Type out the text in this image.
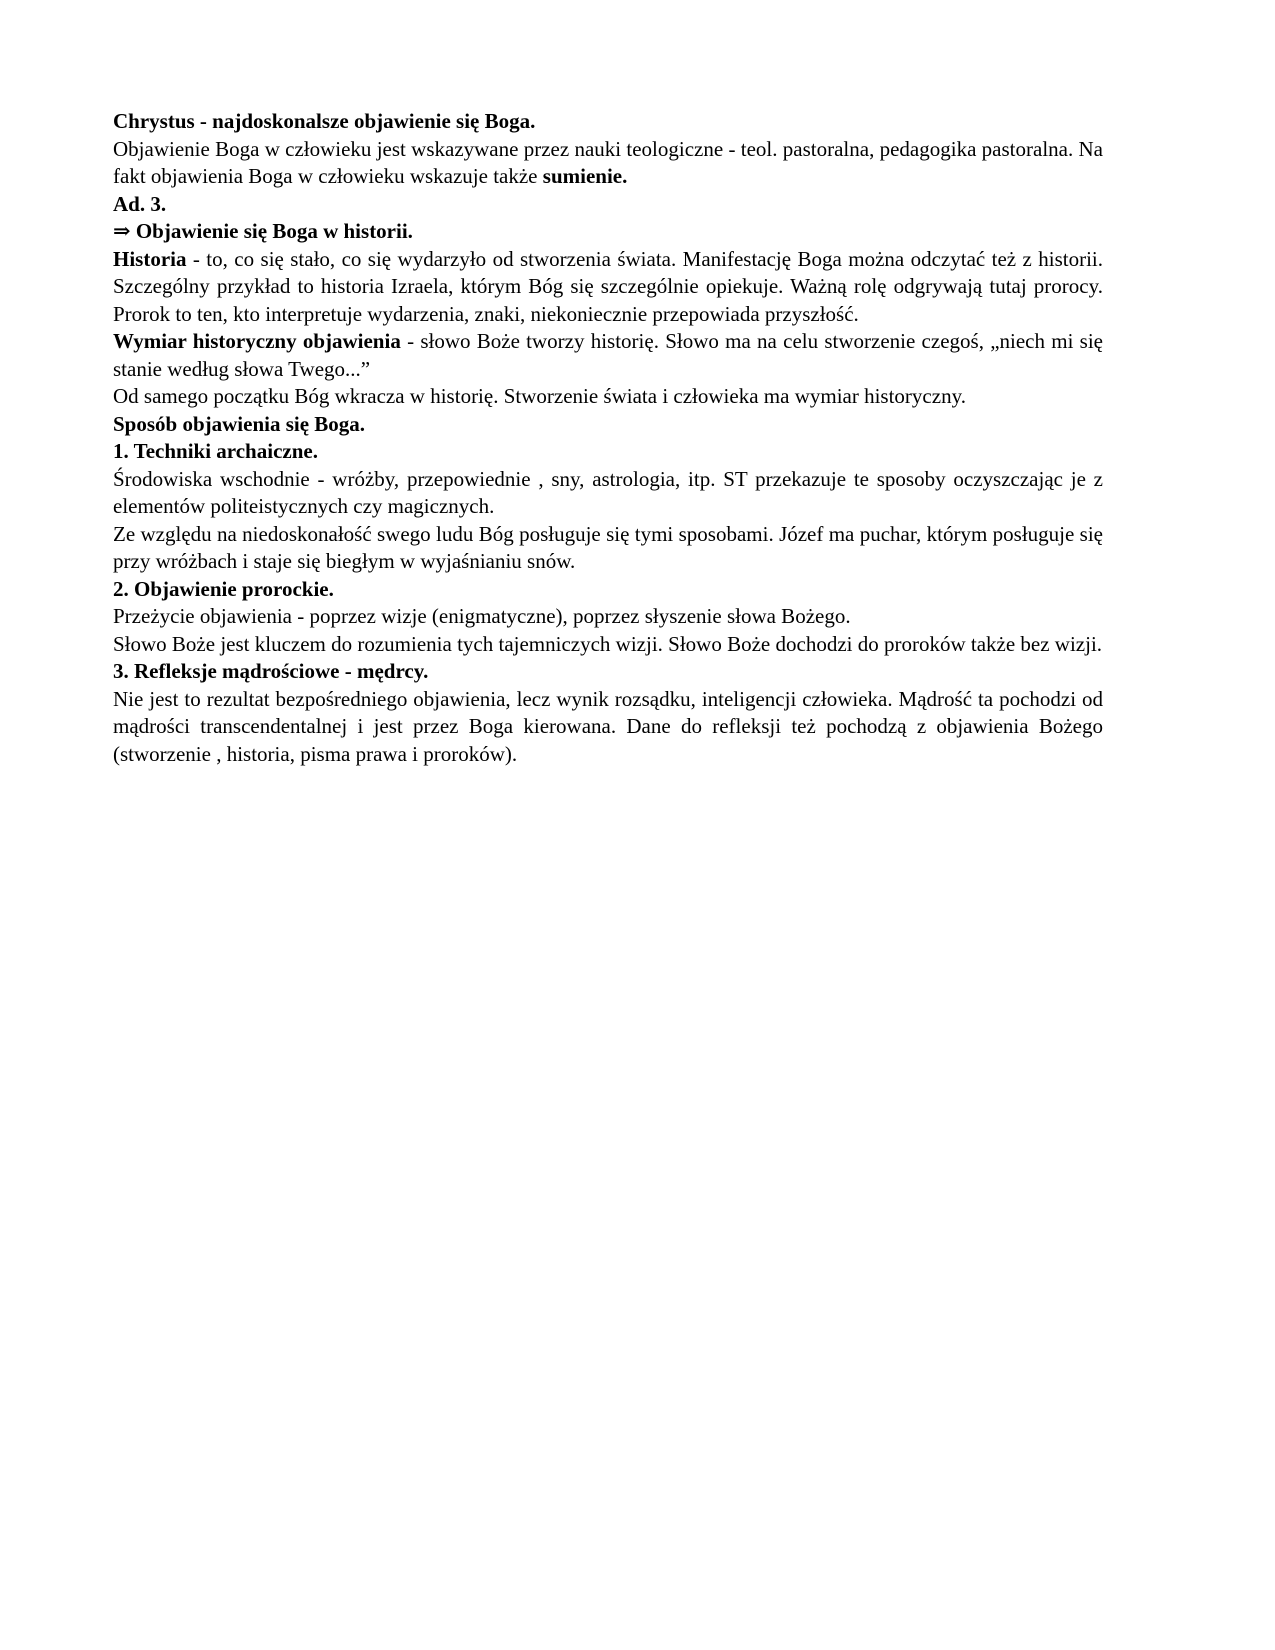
Chrystus - najdoskonalsze objawienie się Boga.

Objawienie Boga w człowieku jest wskazywane przez nauki teologiczne - teol. pastoralna, pedagogika pastoralna. Na fakt objawienia Boga w człowieku wskazuje także sumienie.

Ad. 3.

⇒ Objawienie się Boga w historii.

Historia - to, co się stało, co się wydarzyło od stworzenia świata. Manifestację Boga można odczytać też z historii. Szczególny przykład to historia Izraela, którym Bóg się szczególnie opiekuje. Ważną rolę odgrywają tutaj prorocy. Prorok to ten, kto interpretuje wydarzenia, znaki, niekoniecznie przepowiada przyszłość.

Wymiar historyczny objawienia - słowo Boże tworzy historię. Słowo ma na celu stworzenie czegoś, „niech mi się stanie według słowa Twego...”

Od samego początku Bóg wkracza w historię. Stworzenie świata i człowieka ma wymiar historyczny.

Sposób objawienia się Boga.

1. Techniki archaiczne.

Środowiska wschodnie - wróżby, przepowiednie , sny, astrologia, itp. ST przekazuje te sposoby oczyszczając je z elementów politeistycznych czy magicznych.

Ze względu na niedoskonałość swego ludu Bóg posługuje się tymi sposobami. Józef ma puchar, którym posługuje się przy wróżbach i staje się biegłym w wyjaśnianiu snów.

2. Objawienie prorockie.

Przeżycie objawienia - poprzez wizje (enigmatyczne), poprzez słyszenie słowa Bożego.

Słowo Boże jest kluczem do rozumienia tych tajemniczych wizji. Słowo Boże dochodzi do proroków także bez wizji.

3. Refleksje mądrościowe - mędrcy.

Nie jest to rezultat bezpośredniego objawienia, lecz wynik rozsądku, inteligencji człowieka. Mądrość ta pochodzi od mądrości transcendentalnej i jest przez Boga kierowana. Dane do refleksji też pochodzą z objawienia Bożego (stworzenie , historia, pisma prawa i proroków).
